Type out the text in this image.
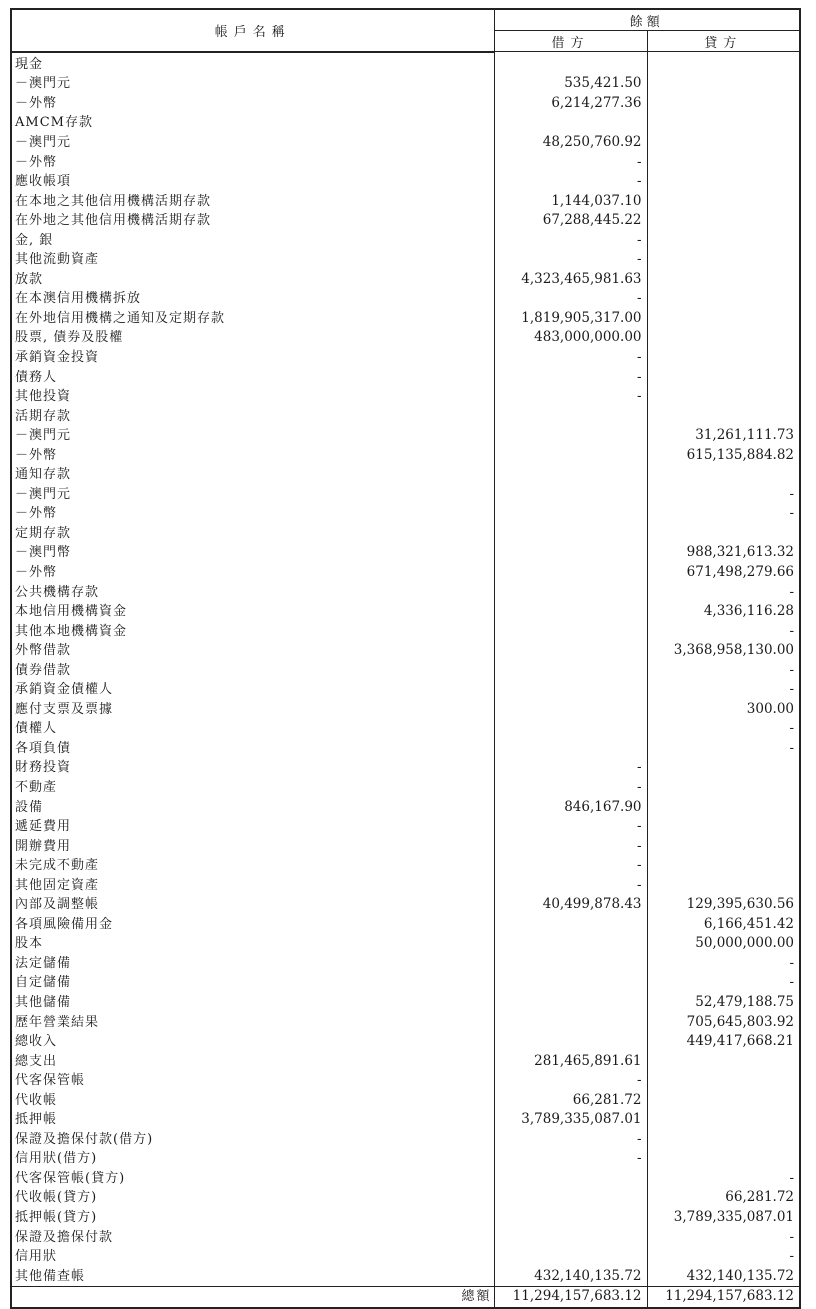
帳戶名稱	餘額	
	借方	貸方
現金		
－澳門元	535,421.50	
－外幣	6,214,277.36	
AMCM存款		
－澳門元	48,250,760.92	
－外幣	-	
應收帳項	-	
在本地之其他信用機構活期存款	1,144,037.10	
在外地之其他信用機構活期存款	67,288,445.22	
金, 銀	-	
其他流動資產	-	
放款	4,323,465,981.63	
在本澳信用機構拆放	-	
在外地信用機構之通知及定期存款	1,819,905,317.00	
股票, 債券及股權	483,000,000.00	
承銷資金投資	-	
債務人	-	
其他投資	-	
活期存款		
－澳門元		31,261,111.73
－外幣		615,135,884.82
通知存款		
－澳門元		-
－外幣		-
定期存款		
－澳門幣		988,321,613.32
－外幣		671,498,279.66
公共機構存款		-
本地信用機構資金		4,336,116.28
其他本地機構資金		-
外幣借款		3,368,958,130.00
債券借款		-
承銷資金債權人		-
應付支票及票據		300.00
債權人		-
各項負債		-
財務投資	-	
不動產	-	
設備	846,167.90	
遞延費用	-	
開辦費用	-	
未完成不動產	-	
其他固定資產	-	
內部及調整帳	40,499,878.43	129,395,630.56
各項風險備用金		6,166,451.42
股本		50,000,000.00
法定儲備		-
自定儲備		-
其他儲備		52,479,188.75
歷年營業結果		705,645,803.92
總收入		449,417,668.21
總支出	281,465,891.61	
代客保管帳	-	
代收帳	66,281.72	
抵押帳	3,789,335,087.01	
保證及擔保付款(借方)	-	
信用狀(借方)	-	
代客保管帳(貸方)		-
代收帳(貸方)		66,281.72
抵押帳(貸方)		3,789,335,087.01
保證及擔保付款		-
信用狀		-
其他備查帳	432,140,135.72	432,140,135.72
總額	11,294,157,683.12	11,294,157,683.12
